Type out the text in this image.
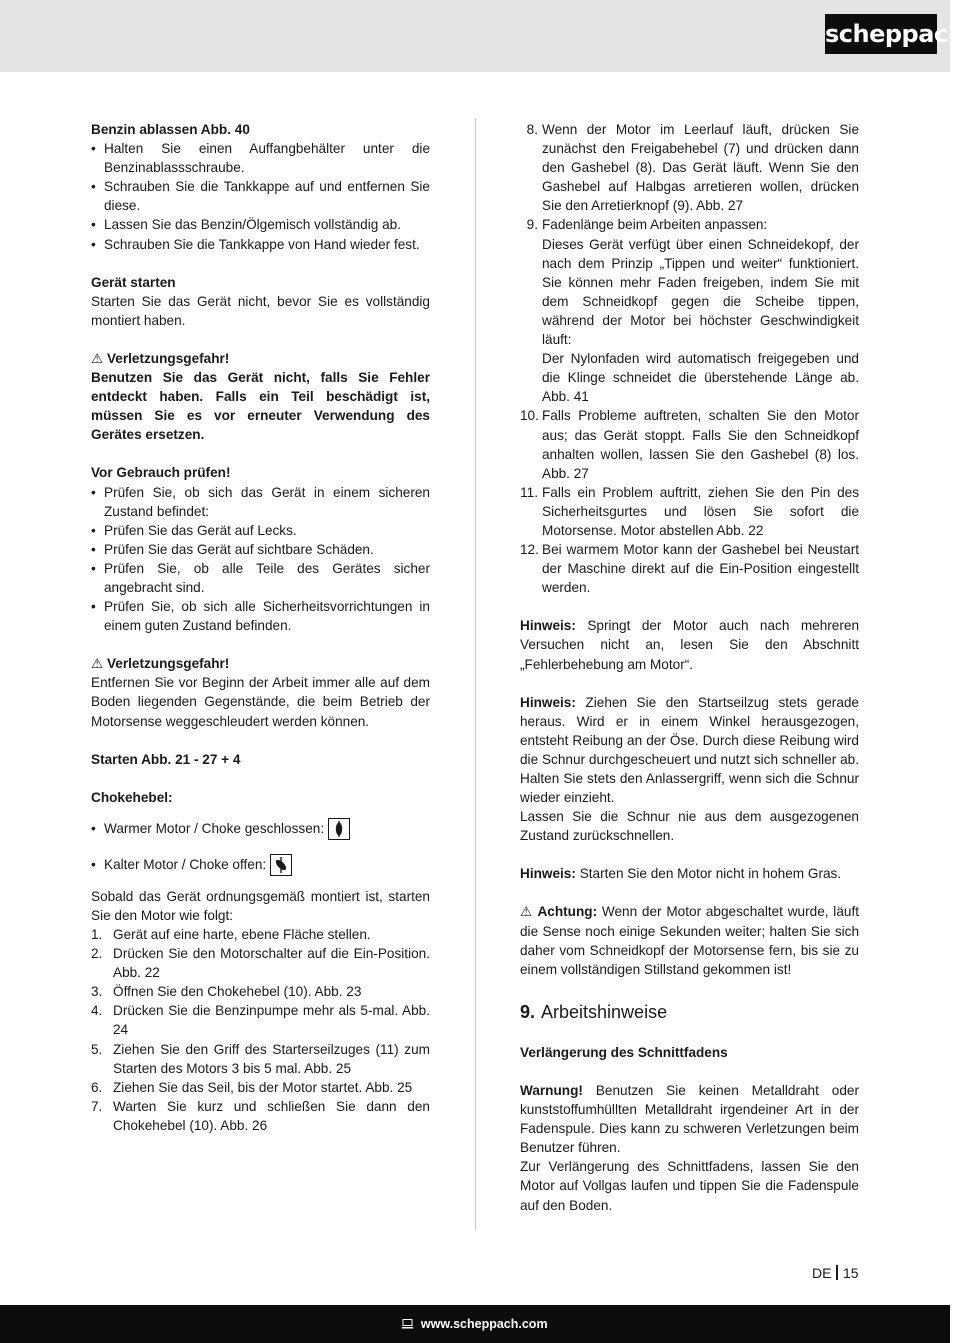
scheppach

Benzin ablassen Abb. 40

• Halten Sie einen Auffangbehälter unter die Benzinablassschraube.
• Schrauben Sie die Tankkappe auf und entfernen Sie diese.
• Lassen Sie das Benzin/Ölgemisch vollständig ab.
• Schrauben Sie die Tankkappe von Hand wieder fest.

Gerät starten

Starten Sie das Gerät nicht, bevor Sie es vollständig montiert haben.

⚠ Verletzungsgefahr!

Benutzen Sie das Gerät nicht, falls Sie Fehler entdeckt haben. Falls ein Teil beschädigt ist, müssen Sie es vor erneuter Verwendung des Gerätes ersetzen.

Vor Gebrauch prüfen!

• Prüfen Sie, ob sich das Gerät in einem sicheren Zustand befindet:
• Prüfen Sie das Gerät auf Lecks.
• Prüfen Sie das Gerät auf sichtbare Schäden.
• Prüfen Sie, ob alle Teile des Gerätes sicher angebracht sind.
• Prüfen Sie, ob sich alle Sicherheitsvorrichtungen in einem guten Zustand befinden.

⚠ Verletzungsgefahr!

Entfernen Sie vor Beginn der Arbeit immer alle auf dem Boden liegenden Gegenstände, die beim Betrieb der Motorsense weggeschleudert werden können.

Starten Abb. 21 - 27 + 4

Chokehebel:

• Warmer Motor / Choke geschlossen:
• Kalter Motor / Choke offen:

Sobald das Gerät ordnungsgemäß montiert ist, starten Sie den Motor wie folgt:

1. Gerät auf eine harte, ebene Fläche stellen.
2. Drücken Sie den Motorschalter auf die Ein-Position. Abb. 22
3. Öffnen Sie den Chokehebel (10). Abb. 23
4. Drücken Sie die Benzinpumpe mehr als 5-mal. Abb. 24
5. Ziehen Sie den Griff des Starterseilzuges (11) zum Starten des Motors 3 bis 5 mal. Abb. 25
6. Ziehen Sie das Seil, bis der Motor startet. Abb. 25
7. Warten Sie kurz und schließen Sie dann den Chokehebel (10). Abb. 26
8. Wenn der Motor im Leerlauf läuft, drücken Sie zunächst den Freigabehebel (7) und drücken dann den Gashebel (8). Das Gerät läuft. Wenn Sie den Gashebel auf Halbgas arretieren wollen, drücken Sie den Arretierknopf (9). Abb. 27
9. Fadenlänge beim Arbeiten anpassen:
Dieses Gerät verfügt über einen Schneidekopf, der nach dem Prinzip „Tippen und weiter“ funktioniert. Sie können mehr Faden freigeben, indem Sie mit dem Schneidkopf gegen die Scheibe tippen, während der Motor bei höchster Geschwindigkeit läuft:
Der Nylonfaden wird automatisch freigegeben und die Klinge schneidet die überstehende Länge ab. Abb. 41
10. Falls Probleme auftreten, schalten Sie den Motor aus; das Gerät stoppt. Falls Sie den Schneidkopf anhalten wollen, lassen Sie den Gashebel (8) los. Abb. 27
11. Falls ein Problem auftritt, ziehen Sie den Pin des Sicherheitsgurtes und lösen Sie sofort die Motorsense. Motor abstellen Abb. 22
12. Bei warmem Motor kann der Gashebel bei Neustart der Maschine direkt auf die Ein-Position eingestellt werden.

Hinweis: Springt der Motor auch nach mehreren Versuchen nicht an, lesen Sie den Abschnitt „Fehlerbehebung am Motor“.

Hinweis: Ziehen Sie den Startseilzug stets gerade heraus. Wird er in einem Winkel herausgezogen, entsteht Reibung an der Öse. Durch diese Reibung wird die Schnur durchgescheuert und nutzt sich schneller ab. Halten Sie stets den Anlassergriff, wenn sich die Schnur wieder einzieht.

Lassen Sie die Schnur nie aus dem ausgezogenen Zustand zurückschnellen.

Hinweis: Starten Sie den Motor nicht in hohem Gras.

⚠ Achtung: Wenn der Motor abgeschaltet wurde, läuft die Sense noch einige Sekunden weiter; halten Sie sich daher vom Schneidkopf der Motorsense fern, bis sie zu einem vollständigen Stillstand gekommen ist!

9. Arbeitshinweise

Verlängerung des Schnittfadens

Warnung! Benutzen Sie keinen Metalldraht oder kunststoffumhüllten Metalldraht irgendeiner Art in der Fadenspule. Dies kann zu schweren Verletzungen beim Benutzer führen.

Zur Verlängerung des Schnittfadens, lassen Sie den Motor auf Vollgas laufen und tippen Sie die Fadenspule auf den Boden.

DE 15
www.scheppach.com
